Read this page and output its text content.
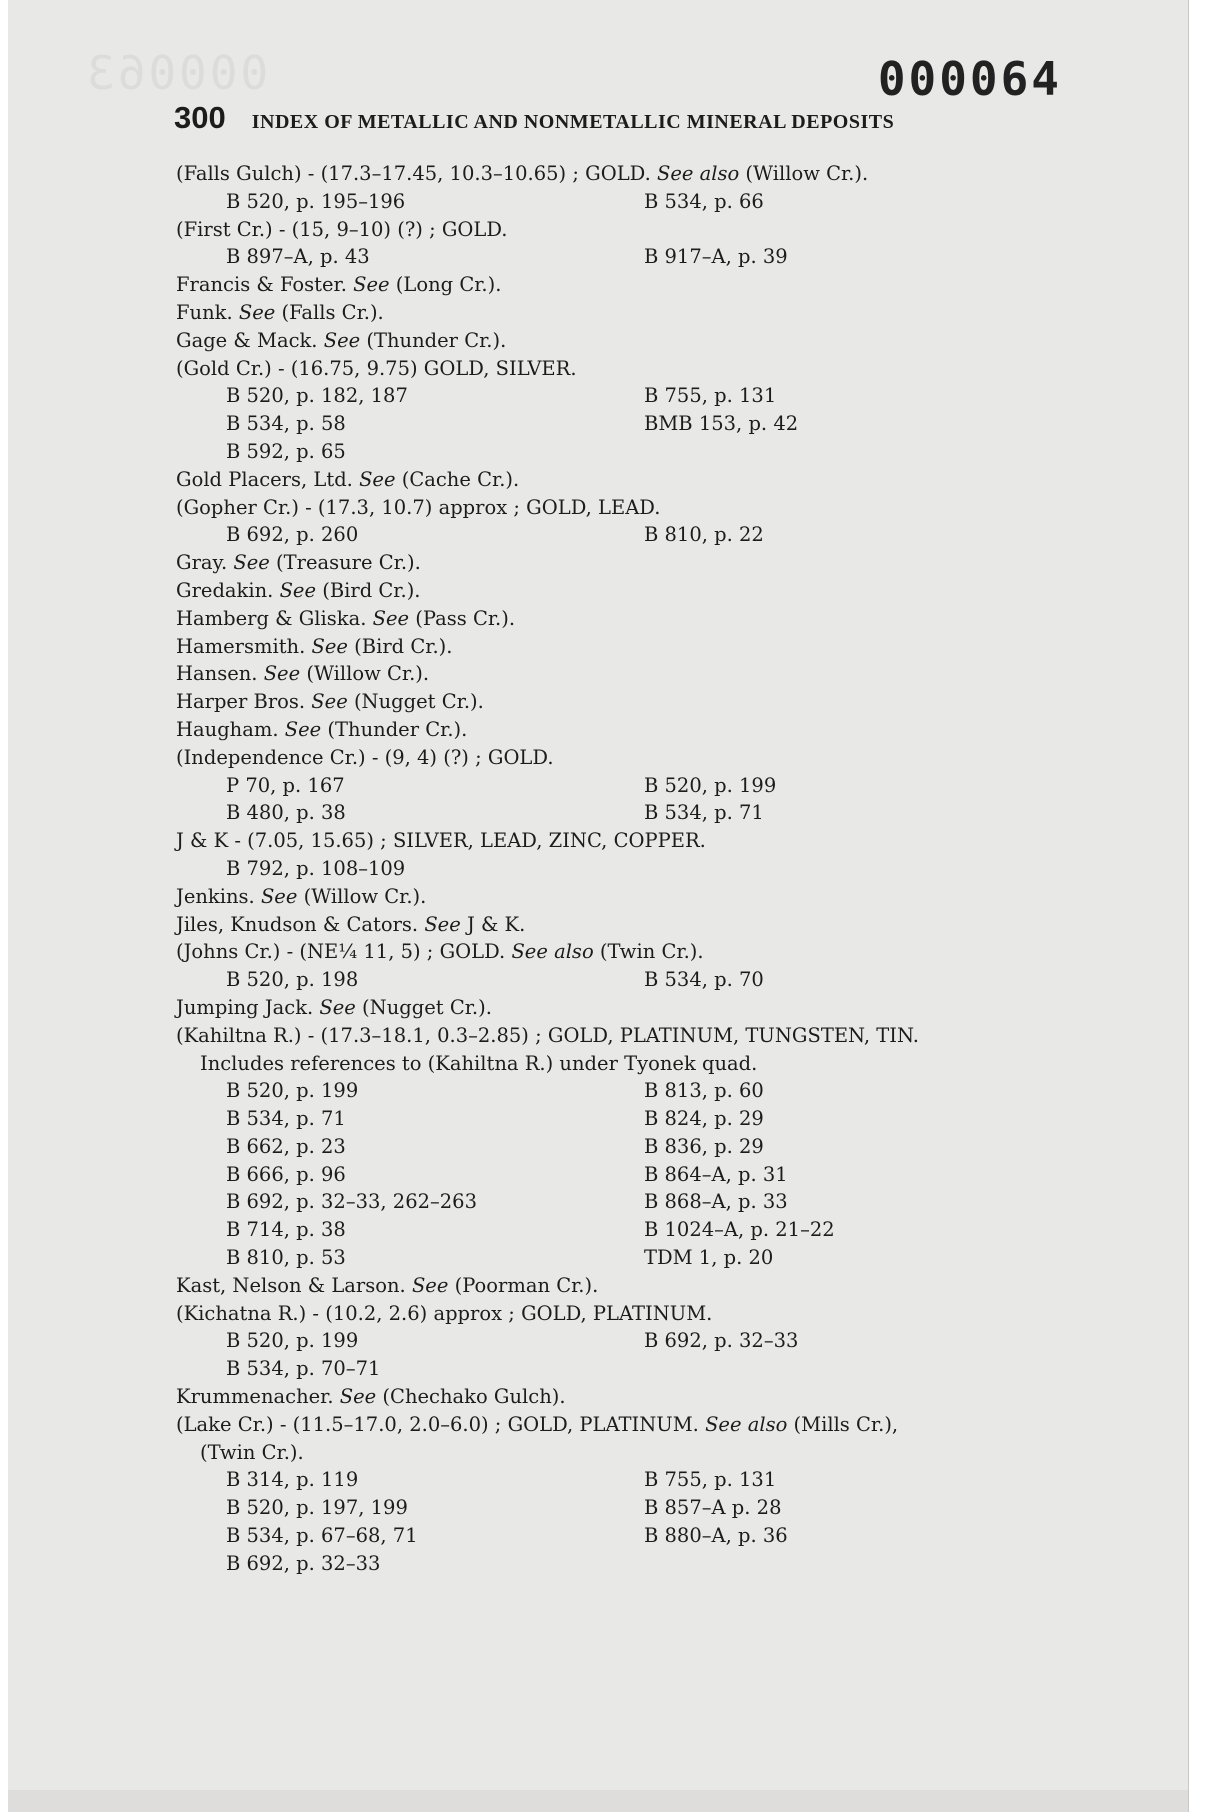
000063	000064
300 INDEX OF METALLIC AND NONMETALLIC MINERAL DEPOSITS
(Falls Gulch) - (17.3–17.45, 10.3–10.65) ; GOLD. See also (Willow Cr.).
B 520, p. 195–196	B 534, p. 66
(First Cr.) - (15, 9–10) (?) ; GOLD.
B 897–A, p. 43	B 917–A, p. 39
Francis & Foster. See (Long Cr.).
Funk. See (Falls Cr.).
Gage & Mack. See (Thunder Cr.).
(Gold Cr.) - (16.75, 9.75) GOLD, SILVER.
B 520, p. 182, 187	B 755, p. 131
B 534, p. 58	BMB 153, p. 42
B 592, p. 65
Gold Placers, Ltd. See (Cache Cr.).
(Gopher Cr.) - (17.3, 10.7) approx ; GOLD, LEAD.
B 692, p. 260	B 810, p. 22
Gray. See (Treasure Cr.).
Gredakin. See (Bird Cr.).
Hamberg & Gliska. See (Pass Cr.).
Hamersmith. See (Bird Cr.).
Hansen. See (Willow Cr.).
Harper Bros. See (Nugget Cr.).
Haugham. See (Thunder Cr.).
(Independence Cr.) - (9, 4) (?) ; GOLD.
P 70, p. 167	B 520, p. 199
B 480, p. 38	B 534, p. 71
J & K - (7.05, 15.65) ; SILVER, LEAD, ZINC, COPPER.
B 792, p. 108–109
Jenkins. See (Willow Cr.).
Jiles, Knudson & Cators. See J & K.
(Johns Cr.) - (NE¼ 11, 5) ; GOLD. See also (Twin Cr.).
B 520, p. 198	B 534, p. 70
Jumping Jack. See (Nugget Cr.).
(Kahiltna R.) - (17.3–18.1, 0.3–2.85) ; GOLD, PLATINUM, TUNGSTEN, TIN.
Includes references to (Kahiltna R.) under Tyonek quad.
B 520, p. 199	B 813, p. 60
B 534, p. 71	B 824, p. 29
B 662, p. 23	B 836, p. 29
B 666, p. 96	B 864–A, p. 31
B 692, p. 32–33, 262–263	B 868–A, p. 33
B 714, p. 38	B 1024–A, p. 21–22
B 810, p. 53	TDM 1, p. 20
Kast, Nelson & Larson. See (Poorman Cr.).
(Kichatna R.) - (10.2, 2.6) approx ; GOLD, PLATINUM.
B 520, p. 199	B 692, p. 32–33
B 534, p. 70–71
Krummenacher. See (Chechako Gulch).
(Lake Cr.) - (11.5–17.0, 2.0–6.0) ; GOLD, PLATINUM. See also (Mills Cr.),
(Twin Cr.).
B 314, p. 119	B 755, p. 131
B 520, p. 197, 199	B 857–A p. 28
B 534, p. 67–68, 71	B 880–A, p. 36
B 692, p. 32–33
